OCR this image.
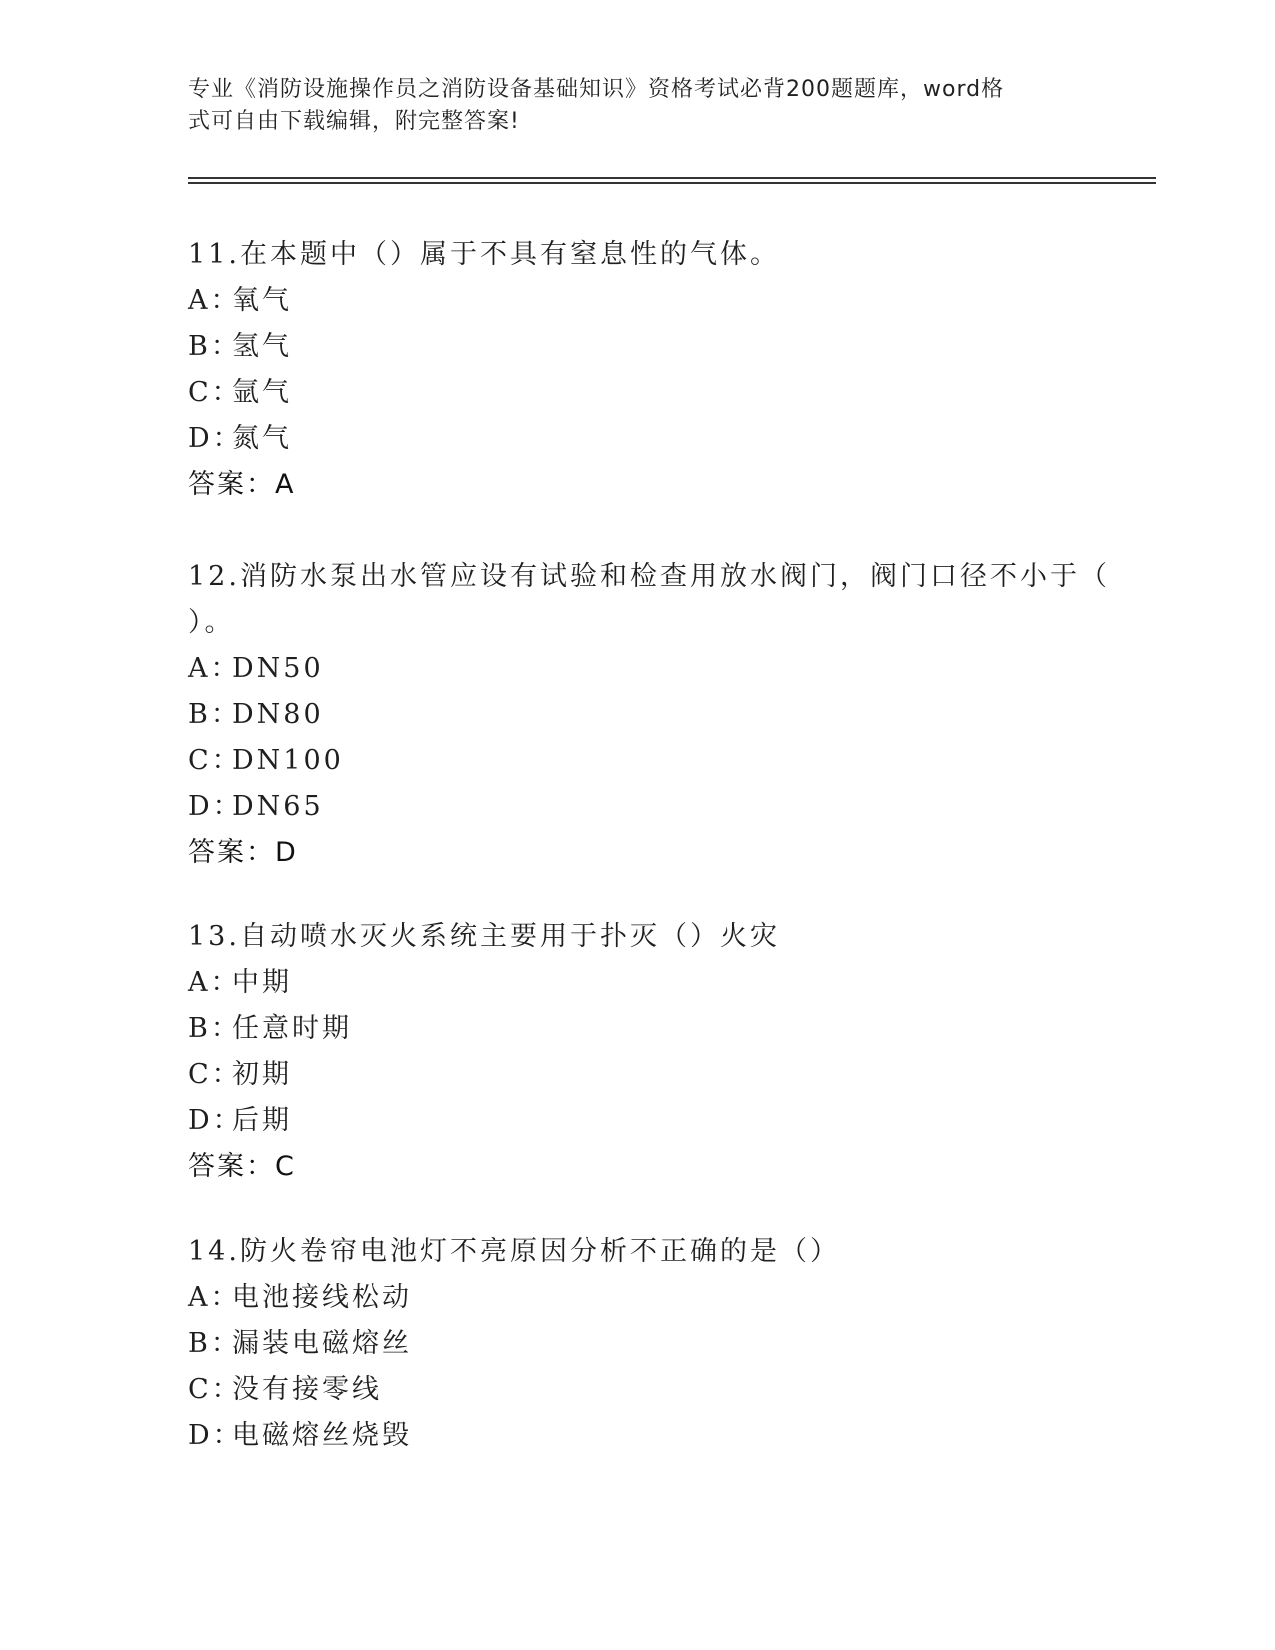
专业《消防设施操作员之消防设备基础知识》资格考试必背200题题库，word格
式可自由下载编辑，附完整答案!
11.在本题中（）属于不具有窒息性的气体。
A：氧气
B：氢气
C：氩气
D：氮气
答案：A
12.消防水泵出水管应设有试验和检查用放水阀门，阀门口径不小于（
）。
A：DN50
B：DN80
C：DN100
D：DN65
答案：D
13.自动喷水灭火系统主要用于扑灭（）火灾
A：中期
B：任意时期
C：初期
D：后期
答案：C
14.防火卷帘电池灯不亮原因分析不正确的是（）
A：电池接线松动
B：漏装电磁熔丝
C：没有接零线
D：电磁熔丝烧毁
